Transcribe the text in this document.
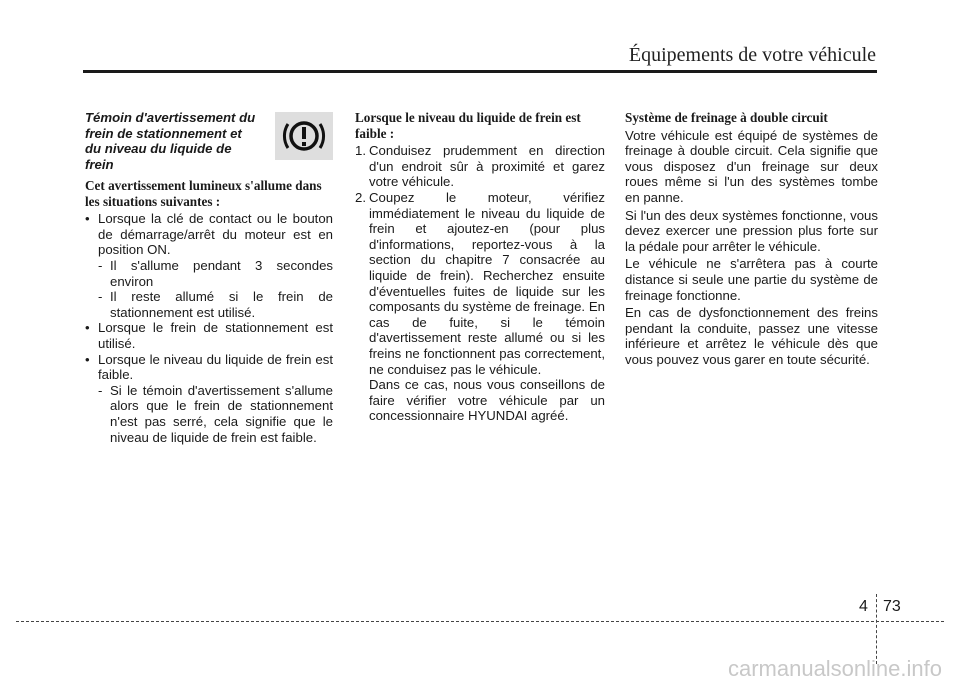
Équipements de votre véhicule
Témoin d'avertissement du frein de stationnement et du niveau du liquide de frein

Cet avertissement lumineux s'allume dans les situations suivantes :

• Lorsque la clé de contact ou le bouton de démarrage/arrêt du moteur est en position ON.
- Il s'allume pendant 3 secondes environ
- Il reste allumé si le frein de stationnement est utilisé.
• Lorsque le frein de stationnement est utilisé.
• Lorsque le niveau du liquide de frein est faible.
- Si le témoin d'avertissement s'allume alors que le frein de stationnement n'est pas serré, cela signifie que le niveau de liquide de frein est faible.

Lorsque le niveau du liquide de frein est faible :

1. Conduisez prudemment en direction d'un endroit sûr à proximité et garez votre véhicule.
2. Coupez le moteur, vérifiez immédiatement le niveau du liquide de frein et ajoutez-en (pour plus d'informations, reportez-vous à la section du chapitre 7 consacrée au liquide de frein). Recherchez ensuite d'éventuelles fuites de liquide sur les composants du système de freinage. En cas de fuite, si le témoin d'avertissement reste allumé ou si les freins ne fonctionnent pas correctement, ne conduisez pas le véhicule.

Dans ce cas, nous vous conseillons de faire vérifier votre véhicule par un concessionnaire HYUNDAI agréé.

Système de freinage à double circuit

Votre véhicule est équipé de systèmes de freinage à double circuit. Cela signifie que vous disposez d'un freinage sur deux roues même si l'un des systèmes tombe en panne.

Si l'un des deux systèmes fonctionne, vous devez exercer une pression plus forte sur la pédale pour arrêter le véhicule.

Le véhicule ne s'arrêtera pas à courte distance si seule une partie du système de freinage fonctionne.

En cas de dysfonctionnement des freins pendant la conduite, passez une vitesse inférieure et arrêtez le véhicule dès que vous pouvez vous garer en toute sécurité.

4 73
carmanualsonline.info
